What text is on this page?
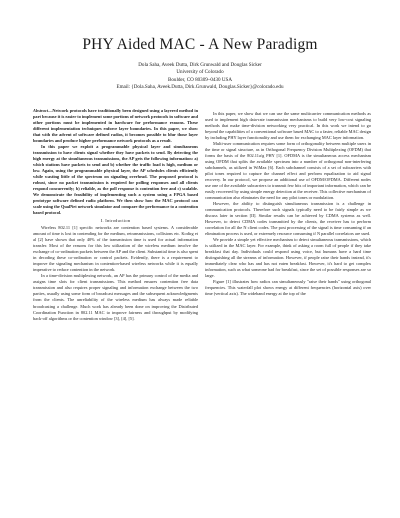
PHY Aided MAC - A New Paradigm
Dola Saha, Aveek Dutta, Dirk Grunwald and Douglas Sicker
University of Colorado
Boulder, CO 80309–0430 USA
Email: {Dola.Saha, Aveek.Dutta, Dirk.Grunwald, Douglas.Sicker}@colorado.edu

Abstract—Network protocols have traditionally been designed using a layered method in part because it is easier to implement some portions of network protocols in software and other portions must be implemented in hardware for performance reasons. These different implementation techniques enforce layer boundaries. In this paper, we show that with the advent of software defined radios, it becomes possible to blur those layer boundaries and produce higher performance network protocols as a result.

In this paper we exploit a programmable physical layer and simultaneous transmission to have clients signal whether they have packets to send. By detecting the high energy at the simultaneous transmissions, the AP gets the following information: a) which stations have packets to send and b) whether the traffic load is high, medium or low. Again, using the programmable physical layer, the AP schedules clients efficiently while wasting little of the spectrum on signaling overhead. The proposed protocol is robust, since no packet transmission is required for polling responses and all clients respond concurrently; b) reliable, as the poll response is contention free and c) scalable. We demonstrate the feasibility of implementing such a system using a FPGA based prototype software defined radio platform. We then show how the MAC protocol can scale using the QualNet network simulator and compare the performance to a contention based protocol.

I. Introduction

Wireless 802.11 [1] specific networks are contention based systems. A considerable amount of time is lost in contending for the medium, retransmissions, collisions etc. Kodirg et al [2] have shown that only 40% of the transmission time is used for actual information transfer. Most of the reasons for this low utilization of the wireless medium involve the exchange of co-ordination packets between the AP and the client. Substantial time is also spent in decoding these co-ordination or control packets. Evidently, there is a requirement to improve the signaling mechanism in contention-based wireless networks while it is equally imperative to reduce contention in the network.

In a time-division multiplexing network, an AP has the primary control of the media and assigns time slots for client transmissions. This method ensures contention free data transmission and also requires proper signaling and information exchange between the two parties, usually using some form of broadcast messages and the subsequent acknowledgments from the clients. The unreliability of the wireless medium has always made reliable broadcasting a challenge. Much work has already been done on improving the Distributed Coordination Function in 802.11 MAC to improve fairness and throughput by modifying back-off algorithms or the contention window [3], [4], [5].

In this paper, we show that we can use the same multicarrier communication methods as used to implement high data-rate transmission mechanisms to build very low-cost signaling methods that make time-division networking very practical. In this work we intend to go beyond the capabilities of a conventional software based MAC to a faster, reliable MAC design by including PHY layer functionality and use them for exchanging MAC layer information.

Multi-user communication requires some form of orthogonality between multiple users in the time or signal structure, as in Orthogonal Frequency Division Multiplexing (OFDM) that forms the basis of the 802.11a/g PHY [1]. OFDMA is the simultaneous access mechanism using OFDM that splits the available spectrum into a number of orthogonal non-interfering subchannels, as utilized in WiMax [6]. Each subchannel consists of a set of subcarriers with pilot tones required to capture the channel effect and perform equalization to aid signal recovery. In our protocol, we propose an additional use of OFDM/OFDMA. Different nodes use one of the available subcarriers to transmit few bits of important information, which can be easily recovered by using simple energy detection at the receiver. This collective mechanism of communication also eliminates the need for any pilot tones or modulation.

However, the ability to distinguish simultaneous transmission is a challenge in communication protocols. Therefore such signals typically need to be fairly simple as we discuss later in section [II]. Similar results can be achieved by CDMA systems as well. However, to detect CDMA codes transmitted by the clients, the receiver has to perform correlation for all the N client codes. The post processing of the signal is time consuming if an elimination process is used, or extremely resource consuming if N parallel correlators are used.

We provide a simple yet effective mechanism to detect simultaneous transmissions, which is utilized in the MAC layer. For example, think of asking a room full of people if they take breakfast that day. Individuals could respond using voice, but humans have a hard time distinguishing all the streams of information. However, if people raise their hands instead, it's immediately clear who has and has not eaten breakfast. However, it's hard to get complex information, such as what someone had for breakfast, since the set of possible responses are so large.

Figure [1] illustrates how radios can simultaneously "raise their hands" using orthogonal frequencies. This waterfall plot shows energy at different frequencies (horizontal axis) over time (vertical axis). The wideband energy at the top of the
